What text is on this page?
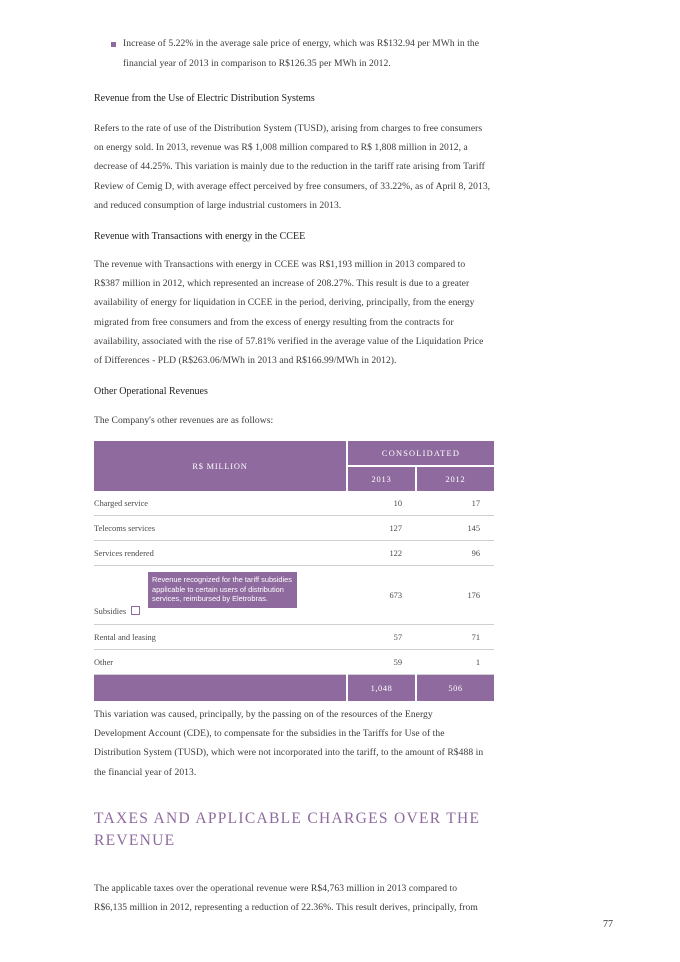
Increase of 5.22% in the average sale price of energy, which was R$132.94 per MWh in the
financial year of 2013 in comparison to R$126.35 per MWh in 2012.
Revenue from the Use of Electric Distribution Systems
Refers to the rate of use of the Distribution System (TUSD), arising from charges to free consumers
on energy sold. In 2013, revenue was R$ 1,008 million compared to R$ 1,808 million in 2012, a
decrease of 44.25%. This variation is mainly due to the reduction in the tariff rate arising from Tariff
Review of Cemig D, with average effect perceived by free consumers, of 33.22%, as of April 8, 2013,
and reduced consumption of large industrial customers in 2013.
Revenue with Transactions with energy in the CCEE
The revenue with Transactions with energy in CCEE was R$1,193 million in 2013 compared to
R$387 million in 2012, which represented an increase of 208.27%. This result is due to a greater
availability of energy for liquidation in CCEE in the period, deriving, principally, from the energy
migrated from free consumers and from the excess of energy resulting from the contracts for
availability, associated with the rise of 57.81% verified in the average value of the Liquidation Price
of Differences - PLD (R$263.06/MWh in 2013 and R$166.99/MWh in 2012).
Other Operational Revenues
The Company's other revenues are as follows:
R$ MILLION	CONSOLIDATED	
	2013	2012
Charged service	10	17
Telecoms services	127	145
Services rendered	122	96
Subsidies	673	176
Rental and leasing	57	71
Other	59	1
	1,048	506
Revenue recognized for the tariff subsidies applicable to certain users of distribution services, reimbursed by Eletrobras.
This variation was caused, principally, by the passing on of the resources of the Energy
Development Account (CDE), to compensate for the subsidies in the Tariffs for Use of the
Distribution System (TUSD), which were not incorporated into the tariff, to the amount of R$488 in
the financial year of 2013.
TAXES AND APPLICABLE CHARGES OVER THE
REVENUE
The applicable taxes over the operational revenue were R$4,763 million in 2013 compared to
R$6,135 million in 2012, representing a reduction of 22.36%. This result derives, principally, from
77
